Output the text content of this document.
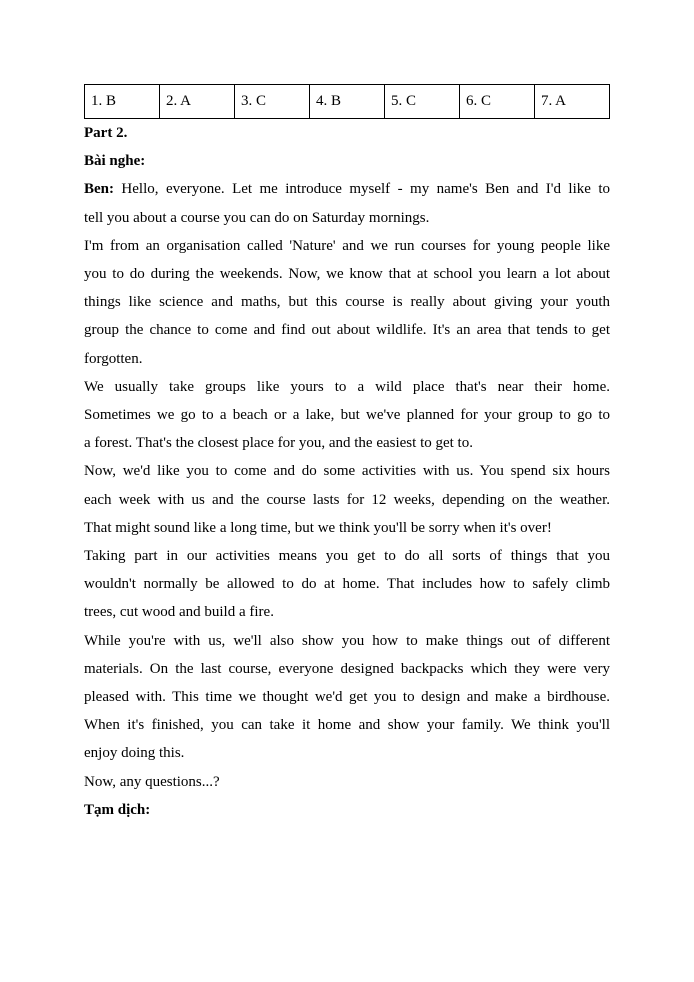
1. B	2. A	3. C	4. B	5. C	6. C	7. A

Part 2.

Bài nghe:

Ben: Hello, everyone. Let me introduce myself - my name's Ben and I'd like to

tell you about a course you can do on Saturday mornings.

I'm from an organisation called 'Nature' and we run courses for young people like

you to do during the weekends. Now, we know that at school you learn a lot about

things like science and maths, but this course is really about giving your youth

group the chance to come and find out about wildlife. It's an area that tends to get

forgotten.

We usually take groups like yours to a wild place that's near their home.

Sometimes we go to a beach or a lake, but we've planned for your group to go to

a forest. That's the closest place for you, and the easiest to get to.

Now, we'd like you to come and do some activities with us. You spend six hours

each week with us and the course lasts for 12 weeks, depending on the weather.

That might sound like a long time, but we think you'll be sorry when it's over!

Taking part in our activities means you get to do all sorts of things that you

wouldn't normally be allowed to do at home. That includes how to safely climb

trees, cut wood and build a fire.

While you're with us, we'll also show you how to make things out of different

materials. On the last course, everyone designed backpacks which they were very

pleased with. This time we thought we'd get you to design and make a birdhouse.

When it's finished, you can take it home and show your family. We think you'll

enjoy doing this.

Now, any questions...?

Tạm dịch:
